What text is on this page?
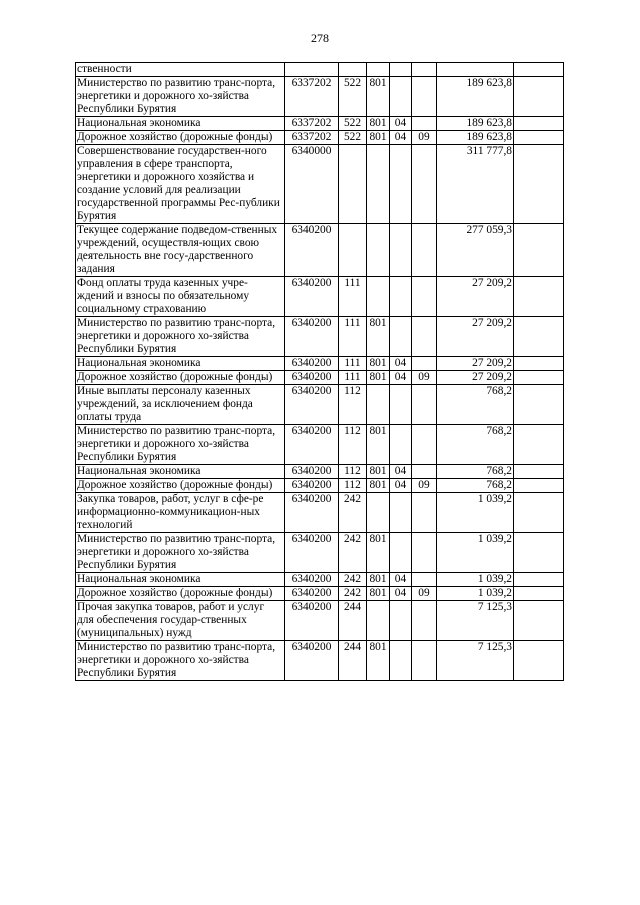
278
ственности							
Министерство по развитию транс-порта, энергетики и дорожного хо-зяйства Республики Бурятия	6337202	522	801			189 623,8	
Национальная экономика	6337202	522	801	04		189 623,8	
Дорожное хозяйство (дорожные фонды)	6337202	522	801	04	09	189 623,8	
Совершенствование государствен-ного управления в сфере транспорта, энергетики и дорожного хозяйства и создание условий для реализации государственной программы Рес-публики Бурятия	6340000					311 777,8	
Текущее содержание подведом-ственных учреждений, осуществля-ющих свою деятельность вне госу-дарственного задания	6340200					277 059,3	
Фонд оплаты труда казенных учре-ждений и взносы по обязательному социальному страхованию	6340200	111				27 209,2	
Министерство по развитию транс-порта, энергетики и дорожного хо-зяйства Республики Бурятия	6340200	111	801			27 209,2	
Национальная экономика	6340200	111	801	04		27 209,2	
Дорожное хозяйство (дорожные фонды)	6340200	111	801	04	09	27 209,2	
Иные выплаты персоналу казенных учреждений, за исключением фонда оплаты труда	6340200	112				768,2	
Министерство по развитию транс-порта, энергетики и дорожного хо-зяйства Республики Бурятия	6340200	112	801			768,2	
Национальная экономика	6340200	112	801	04		768,2	
Дорожное хозяйство (дорожные фонды)	6340200	112	801	04	09	768,2	
Закупка товаров, работ, услуг в сфе-ре информационно-коммуникацион-ных технологий	6340200	242				1 039,2	
Министерство по развитию транс-порта, энергетики и дорожного хо-зяйства Республики Бурятия	6340200	242	801			1 039,2	
Национальная экономика	6340200	242	801	04		1 039,2	
Дорожное хозяйство (дорожные фонды)	6340200	242	801	04	09	1 039,2	
Прочая закупка товаров, работ и услуг для обеспечения государ-ственных (муниципальных) нужд	6340200	244				7 125,3	
Министерство по развитию транс-порта, энергетики и дорожного хо-зяйства Республики Бурятия	6340200	244	801			7 125,3	
